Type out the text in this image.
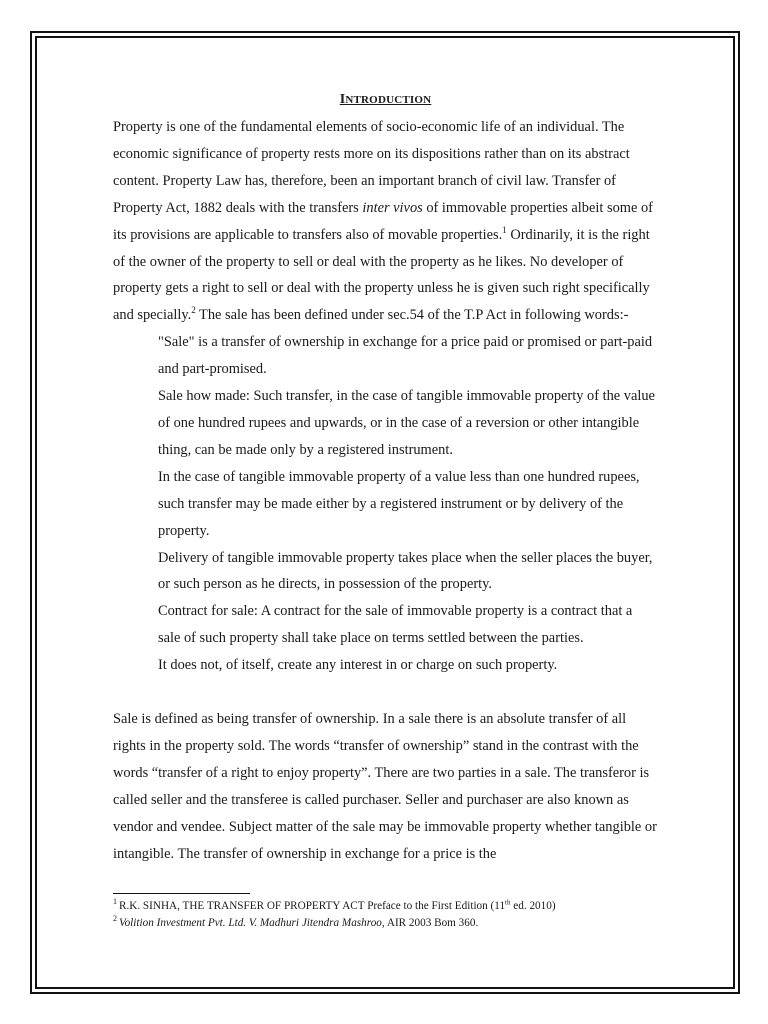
INTRODUCTION

Property is one of the fundamental elements of socio-economic life of an individual. The economic significance of property rests more on its dispositions rather than on its abstract content. Property Law has, therefore, been an important branch of civil law. Transfer of Property Act, 1882 deals with the transfers inter vivos of immovable properties albeit some of its provisions are applicable to transfers also of movable properties.$^1$ Ordinarily, it is the right of the owner of the property to sell or deal with the property as he likes. No developer of property gets a right to sell or deal with the property unless he is given such right specifically and specially.$^2$ The sale has been defined under sec.54 of the T.P Act in following words:-

"Sale" is a transfer of ownership in exchange for a price paid or promised or part-paid and part-promised.

Sale how made: Such transfer, in the case of tangible immovable property of the value of one hundred rupees and upwards, or in the case of a reversion or other intangible thing, can be made only by a registered instrument.

In the case of tangible immovable property of a value less than one hundred rupees, such transfer may be made either by a registered instrument or by delivery of the property.

Delivery of tangible immovable property takes place when the seller places the buyer, or such person as he directs, in possession of the property.

Contract for sale: A contract for the sale of immovable property is a contract that a sale of such property shall take place on terms settled between the parties.

It does not, of itself, create any interest in or charge on such property.

Sale is defined as being transfer of ownership. In a sale there is an absolute transfer of all rights in the property sold. The words “transfer of ownership” stand in the contrast with the words “transfer of a right to enjoy property”. There are two parties in a sale. The transferor is called seller and the transferee is called purchaser. Seller and purchaser are also known as vendor and vendee. Subject matter of the sale may be immovable property whether tangible or intangible. The transfer of ownership in exchange for a price is the

$^1$ R.K. SINHA, THE TRANSFER OF PROPERTY ACT Preface to the First Edition (11th ed. 2010)

$^2$ Volition Investment Pvt. Ltd. V. Madhuri Jitendra Mashroo, AIR 2003 Bom 360.
